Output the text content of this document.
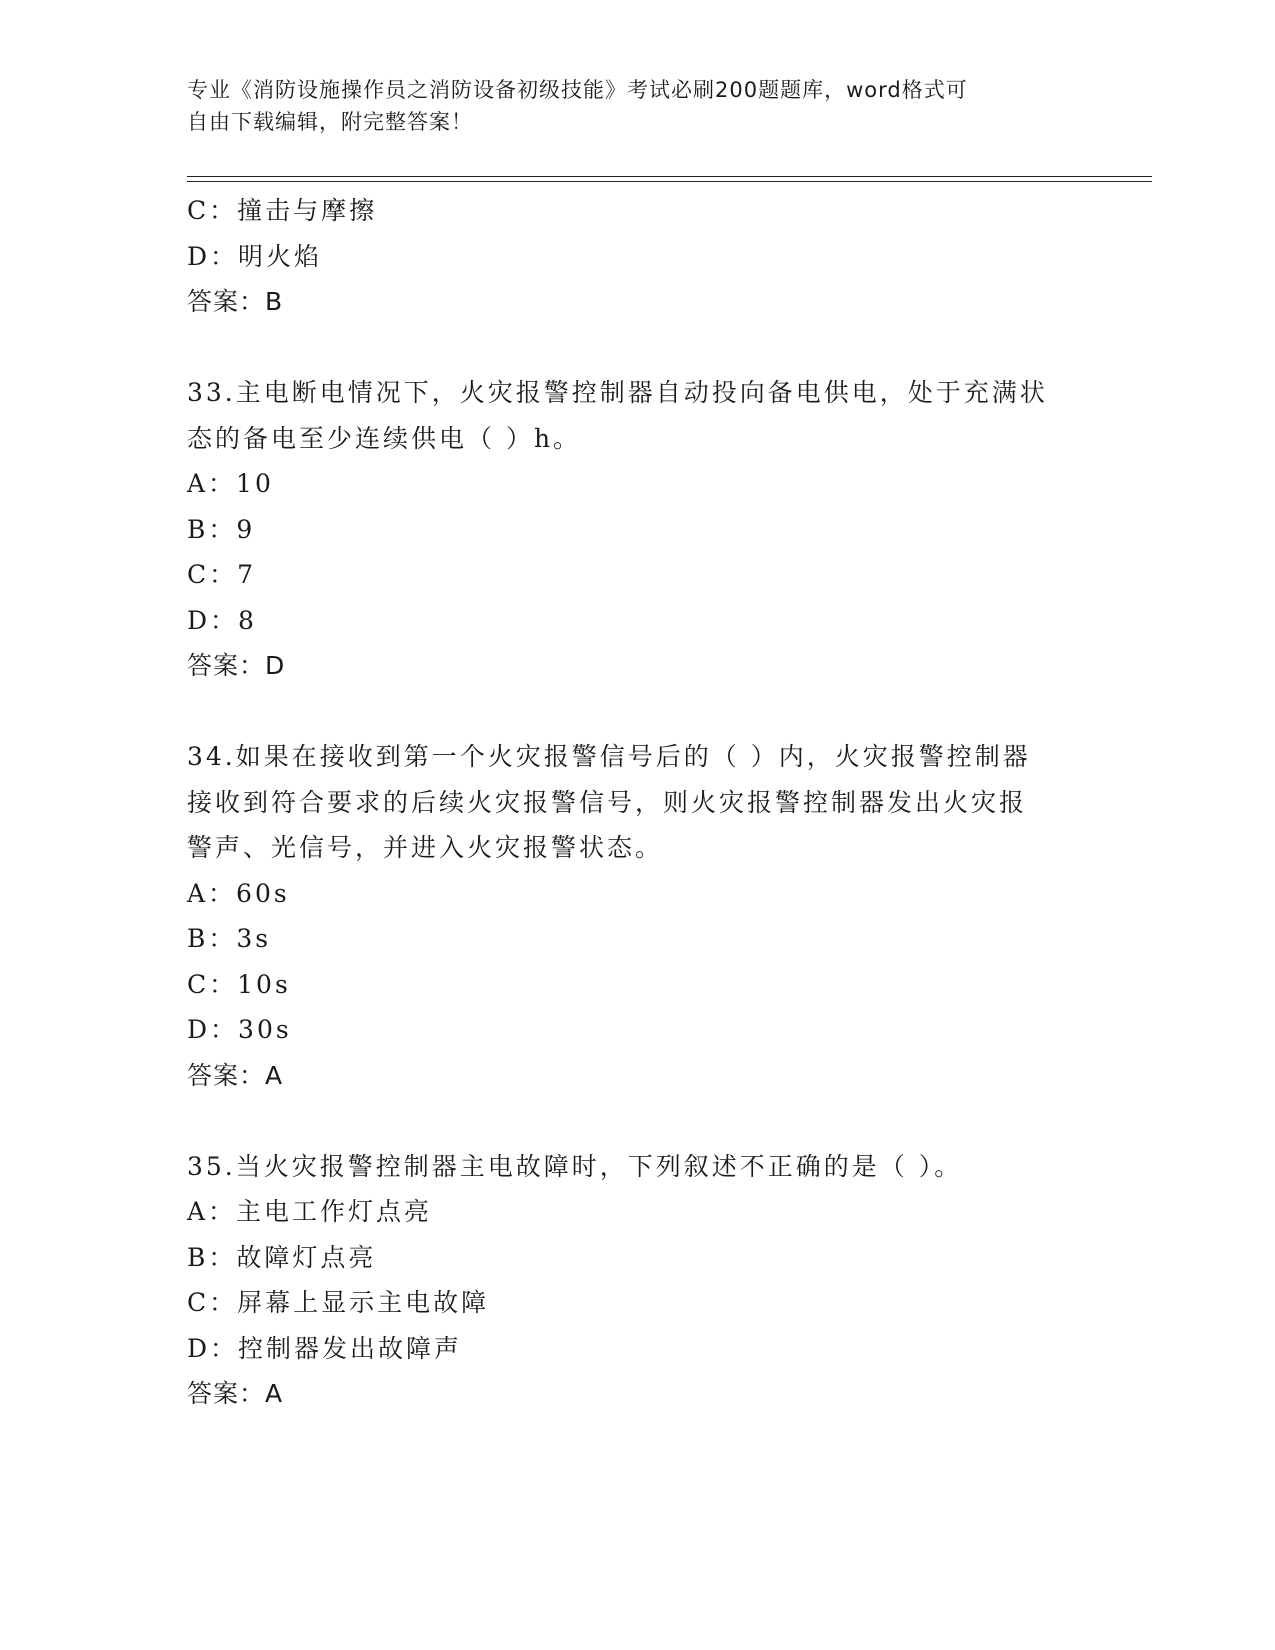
专业《消防设施操作员之消防设备初级技能》考试必刷200题题库，word格式可
自由下载编辑，附完整答案！
C：撞击与摩擦
D：明火焰
答案：B
33.主电断电情况下，火灾报警控制器自动投向备电供电，处于充满状
态的备电至少连续供电（ ）h。
A：10
B：9
C：7
D：8
答案：D
34.如果在接收到第一个火灾报警信号后的（ ）内，火灾报警控制器
接收到符合要求的后续火灾报警信号，则火灾报警控制器发出火灾报
警声、光信号，并进入火灾报警状态。
A：60s
B：3s
C：10s
D：30s
答案：A
35.当火灾报警控制器主电故障时，下列叙述不正确的是（ ）。
A：主电工作灯点亮
B：故障灯点亮
C：屏幕上显示主电故障
D：控制器发出故障声
答案：A
